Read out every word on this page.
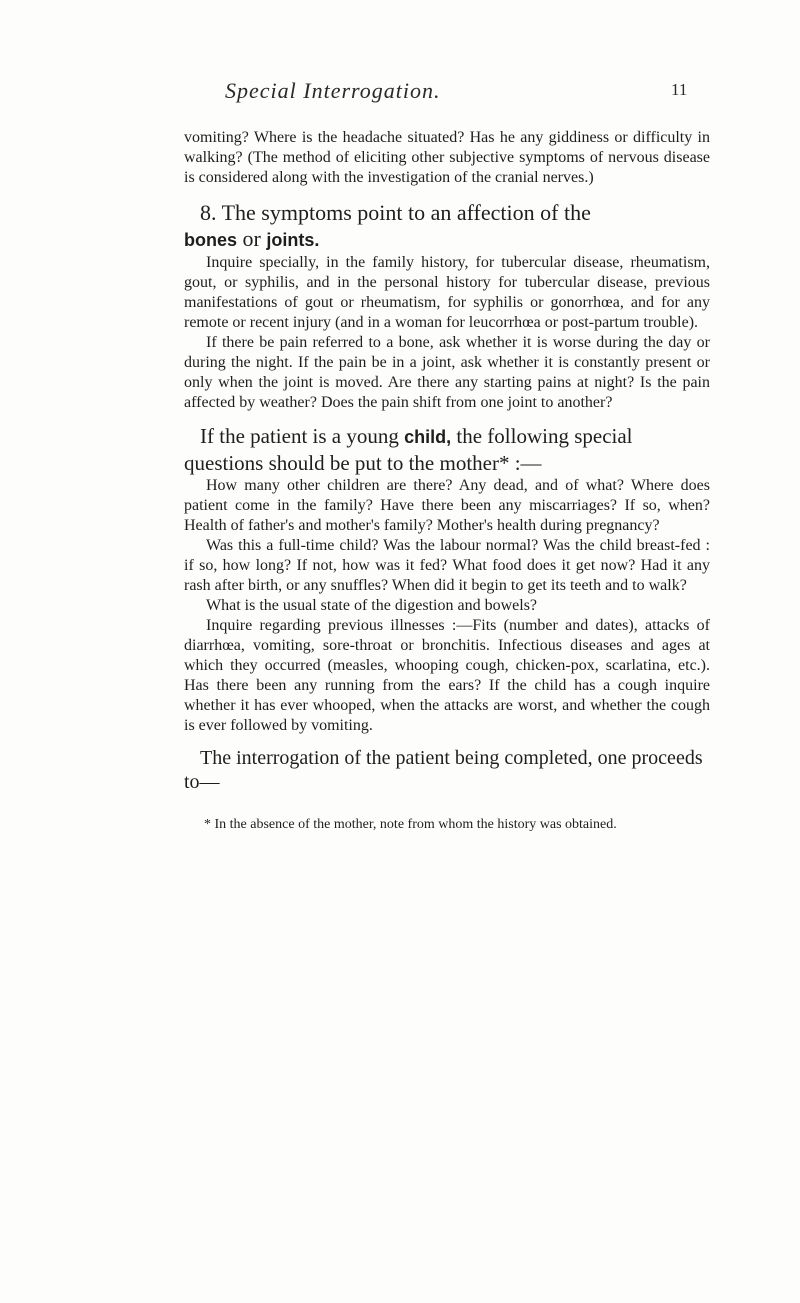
Special Interrogation.	11

vomiting? Where is the headache situated? Has he any giddiness or difficulty in walking? (The method of eliciting other subjective symptoms of nervous disease is considered along with the investigation of the cranial nerves.)

8. The symptoms point to an affection of the

bones or joints.

Inquire specially, in the family history, for tubercular disease, rheumatism, gout, or syphilis, and in the personal history for tubercular disease, previous manifestations of gout or rheumatism, for syphilis or gonorrhœa, and for any remote or recent injury (and in a woman for leucorrhœa or post-partum trouble).

If there be pain referred to a bone, ask whether it is worse during the day or during the night. If the pain be in a joint, ask whether it is constantly present or only when the joint is moved. Are there any starting pains at night? Is the pain affected by weather? Does the pain shift from one joint to another?

If the patient is a young child, the following special questions should be put to the mother* :—

How many other children are there? Any dead, and of what? Where does patient come in the family? Have there been any miscarriages? If so, when? Health of father's and mother's family? Mother's health during pregnancy?

Was this a full-time child? Was the labour normal? Was the child breast-fed : if so, how long? If not, how was it fed? What food does it get now? Had it any rash after birth, or any snuffles? When did it begin to get its teeth and to walk?

What is the usual state of the digestion and bowels?

Inquire regarding previous illnesses :—Fits (number and dates), attacks of diarrhœa, vomiting, sore-throat or bronchitis. Infectious diseases and ages at which they occurred (measles, whooping cough, chicken-pox, scarlatina, etc.). Has there been any running from the ears? If the child has a cough inquire whether it has ever whooped, when the attacks are worst, and whether the cough is ever followed by vomiting.

The interrogation of the patient being completed, one proceeds to—

* In the absence of the mother, note from whom the history was obtained.
